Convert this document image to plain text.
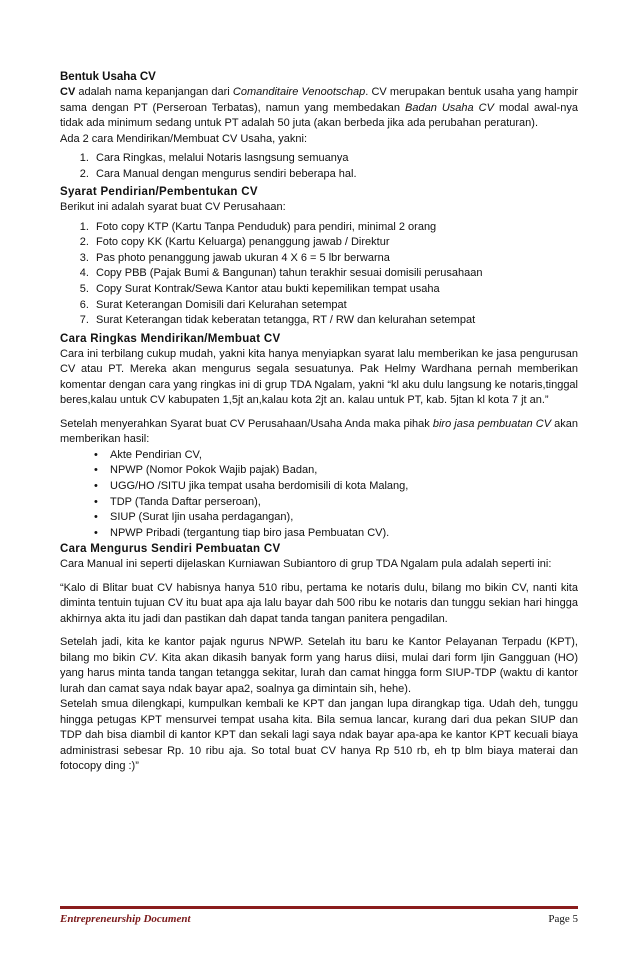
Bentuk Usaha CV

CV adalah nama kepanjangan dari Comanditaire Venootschap. CV merupakan bentuk usaha yang hampir sama dengan PT (Perseroan Terbatas), namun yang membedakan Badan Usaha CV modal awal-nya tidak ada minimum sedang untuk PT adalah 50 juta (akan berbeda jika ada perubahan peraturan).

Ada 2 cara Mendirikan/Membuat CV Usaha, yakni:

1. Cara Ringkas, melalui Notaris lasngsung semuanya
2. Cara Manual dengan mengurus sendiri beberapa hal.
Syarat Pendirian/Pembentukan CV

Berikut ini adalah syarat buat CV Perusahaan:

1. Foto copy KTP (Kartu Tanpa Penduduk) para pendiri, minimal 2 orang
2. Foto copy KK (Kartu Keluarga) penanggung jawab / Direktur
3. Pas photo penanggung jawab ukuran 4 X 6 = 5 lbr berwarna
4. Copy PBB (Pajak Bumi & Bangunan) tahun terakhir sesuai domisili perusahaan
5. Copy Surat Kontrak/Sewa Kantor atau bukti kepemilikan tempat usaha
6. Surat Keterangan Domisili dari Kelurahan setempat
7. Surat Keterangan tidak keberatan tetangga, RT / RW dan kelurahan setempat
Cara Ringkas Mendirikan/Membuat CV

Cara ini terbilang cukup mudah, yakni kita hanya menyiapkan syarat lalu memberikan ke jasa pengurusan CV atau PT. Mereka akan mengurus segala sesuatunya. Pak Helmy Wardhana pernah memberikan komentar dengan cara yang ringkas ini di grup TDA Ngalam, yakni “kl aku dulu langsung ke notaris,tinggal beres,kalau untuk CV kabupaten 1,5jt an,kalau kota 2jt an. kalau untuk PT, kab. 5jtan kl kota 7 jt an.”

Setelah menyerahkan Syarat buat CV Perusahaan/Usaha Anda maka pihak biro jasa pembuatan CV akan memberikan hasil:

• Akte Pendirian CV,
• NPWP (Nomor Pokok Wajib pajak) Badan,
• UGG/HO /SITU jika tempat usaha berdomisili di kota Malang,
• TDP (Tanda Daftar perseroan),
• SIUP (Surat Ijin usaha perdagangan),
• NPWP Pribadi (tergantung tiap biro jasa Pembuatan CV).
Cara Mengurus Sendiri Pembuatan CV

Cara Manual ini seperti dijelaskan Kurniawan Subiantoro di grup TDA Ngalam pula adalah seperti ini:

“Kalo di Blitar buat CV habisnya hanya 510 ribu, pertama ke notaris dulu, bilang mo bikin CV, nanti kita diminta tentuin tujuan CV itu buat apa aja lalu bayar dah 500 ribu ke notaris dan tunggu sekian hari hingga akhirnya akta itu jadi dan pastikan dah dapat tanda tangan panitera pengadilan.

Setelah jadi, kita ke kantor pajak ngurus NPWP. Setelah itu baru ke Kantor Pelayanan Terpadu (KPT), bilang mo bikin CV. Kita akan dikasih banyak form yang harus diisi, mulai dari form Ijin Gangguan (HO) yang harus minta tanda tangan tetangga sekitar, lurah dan camat hingga form SIUP-TDP (waktu di kantor lurah dan camat saya ndak bayar apa2, soalnya ga dimintain sih, hehe).

Setelah smua dilengkapi, kumpulkan kembali ke KPT dan jangan lupa dirangkap tiga. Udah deh, tunggu hingga petugas KPT mensurvei tempat usaha kita. Bila semua lancar, kurang dari dua pekan SIUP dan TDP dah bisa diambil di kantor KPT dan sekali lagi saya ndak bayar apa-apa ke kantor KPT kecuali biaya administrasi sebesar Rp. 10 ribu aja. So total buat CV hanya Rp 510 rb, eh tp blm biaya materai dan fotocopy ding :)”

Entrepreneurship Document	Page 5
